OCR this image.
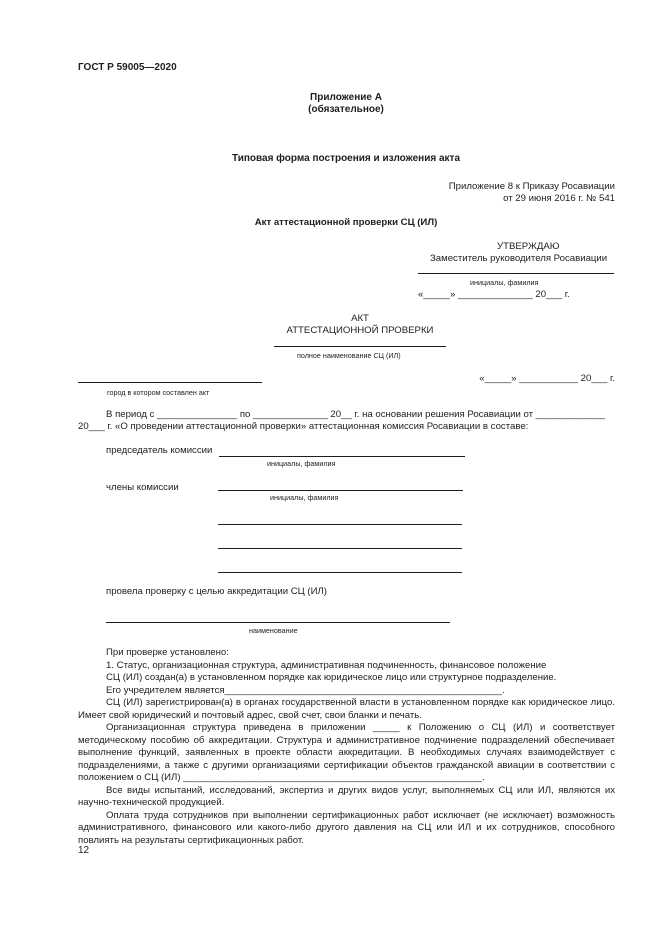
ГОСТ Р 59005—2020
Приложение А
(обязательное)
Типовая форма построения и изложения акта
Приложение 8 к Приказу Росавиации
от 29 июня 2016 г. № 541
Акт аттестационной проверки СЦ (ИЛ)
УТВЕРЖДАЮ
Заместитель руководителя Росавиации
инициалы, фамилия
«_____» ______________ 20___ г.
АКТ
АТТЕСТАЦИОННОЙ ПРОВЕРКИ
полное наименование СЦ (ИЛ)
город в котором составлен акт
«_____» ___________ 20___ г.
В период с _______________ по ______________ 20__ г. на основании решения Росавиации от _____________
20___ г. «О проведении аттестационной проверки» аттестационная комиссия Росавиации в составе:
председатель комиссии
инициалы, фамилия
члены комиссии
инициалы, фамилия
провела проверку с целью аккредитации СЦ (ИЛ)
наименование

При проверке установлено:

1. Статус, организационная структура, административная подчиненность, финансовое положение

СЦ (ИЛ) создан(а) в установленном порядке как юридическое лицо или структурное подразделение.

Его учредителем является____________________________________________________.

СЦ (ИЛ) зарегистрирован(а) в органах государственной власти в установленном порядке как юридическое лицо. Имеет свой юридический и почтовый адрес, свой счет, свои бланки и печать.

Организационная структура приведена в приложении _____ к Положению о СЦ (ИЛ) и соответствует методическому пособию об аккредитации. Структура и административное подчинение подразделений обеспечивает выполнение функций, заявленных в проекте области аккредитации. В необходимых случаях взаимодействует с подразделениями, а также с другими организациями сертификации объектов гражданской авиации в соответствии с положением о СЦ (ИЛ) ________________________________________________________.

Все виды испытаний, исследований, экспертиз и других видов услуг, выполняемых СЦ или ИЛ, являются их научно-технической продукцией.

Оплата труда сотрудников при выполнении сертификационных работ исключает (не исключает) возможность административного, финансового или какого-либо другого давления на СЦ или ИЛ и их сотрудников, способного повлиять на результаты сертификационных работ.

12
